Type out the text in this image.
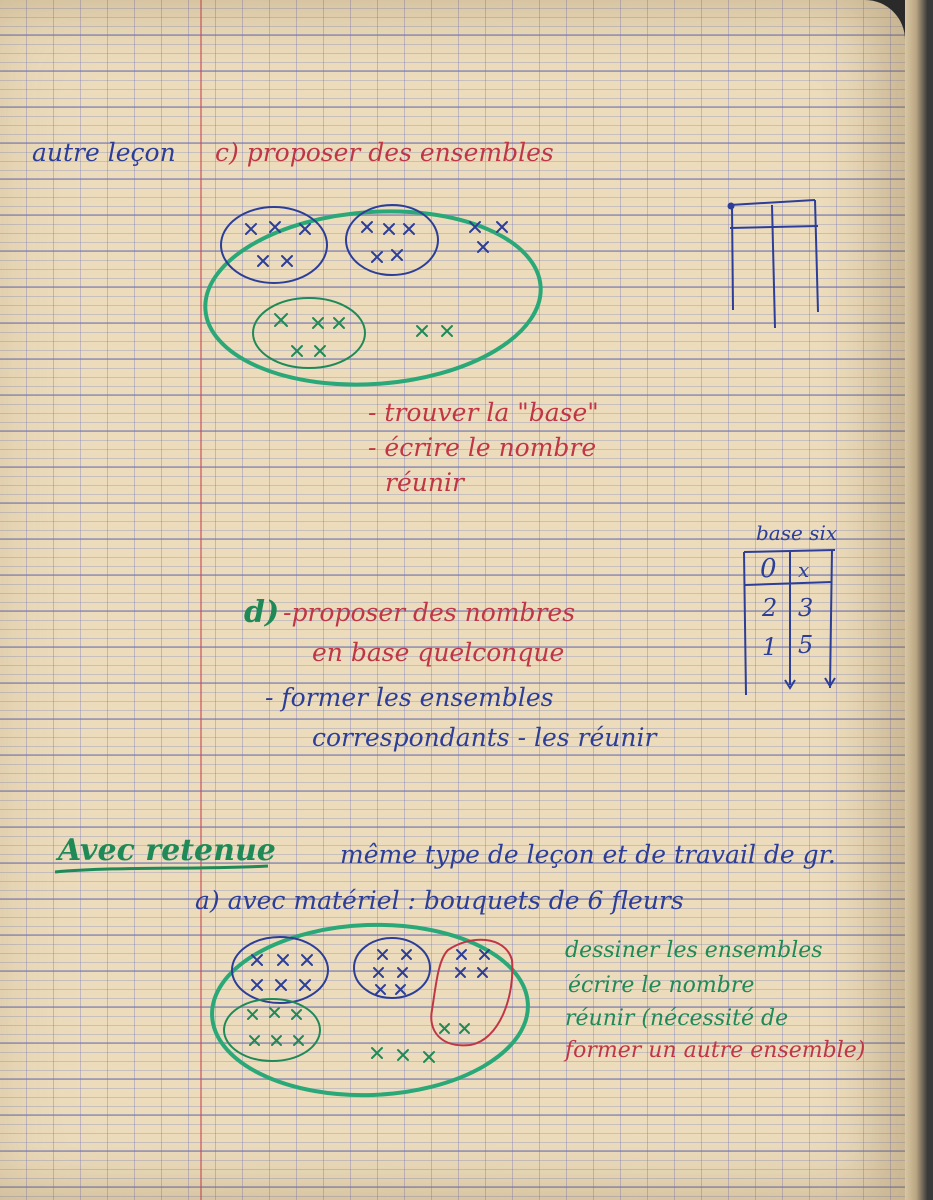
autre leçon c) proposer des ensembles
- trouver la "base"
- écrire le nombre
réunir
base six
d) -proposer des nombres
en base quelconque
- former les ensembles
correspondants - les réunir
Avec retenue	même type de leçon et de travail de gr.
a) avec matériel : bouquets de 6 fleurs
dessiner les ensembles
écrire le nombre
réunir (nécessité de
former un autre ensemble)
0 x
2 3
1 5
